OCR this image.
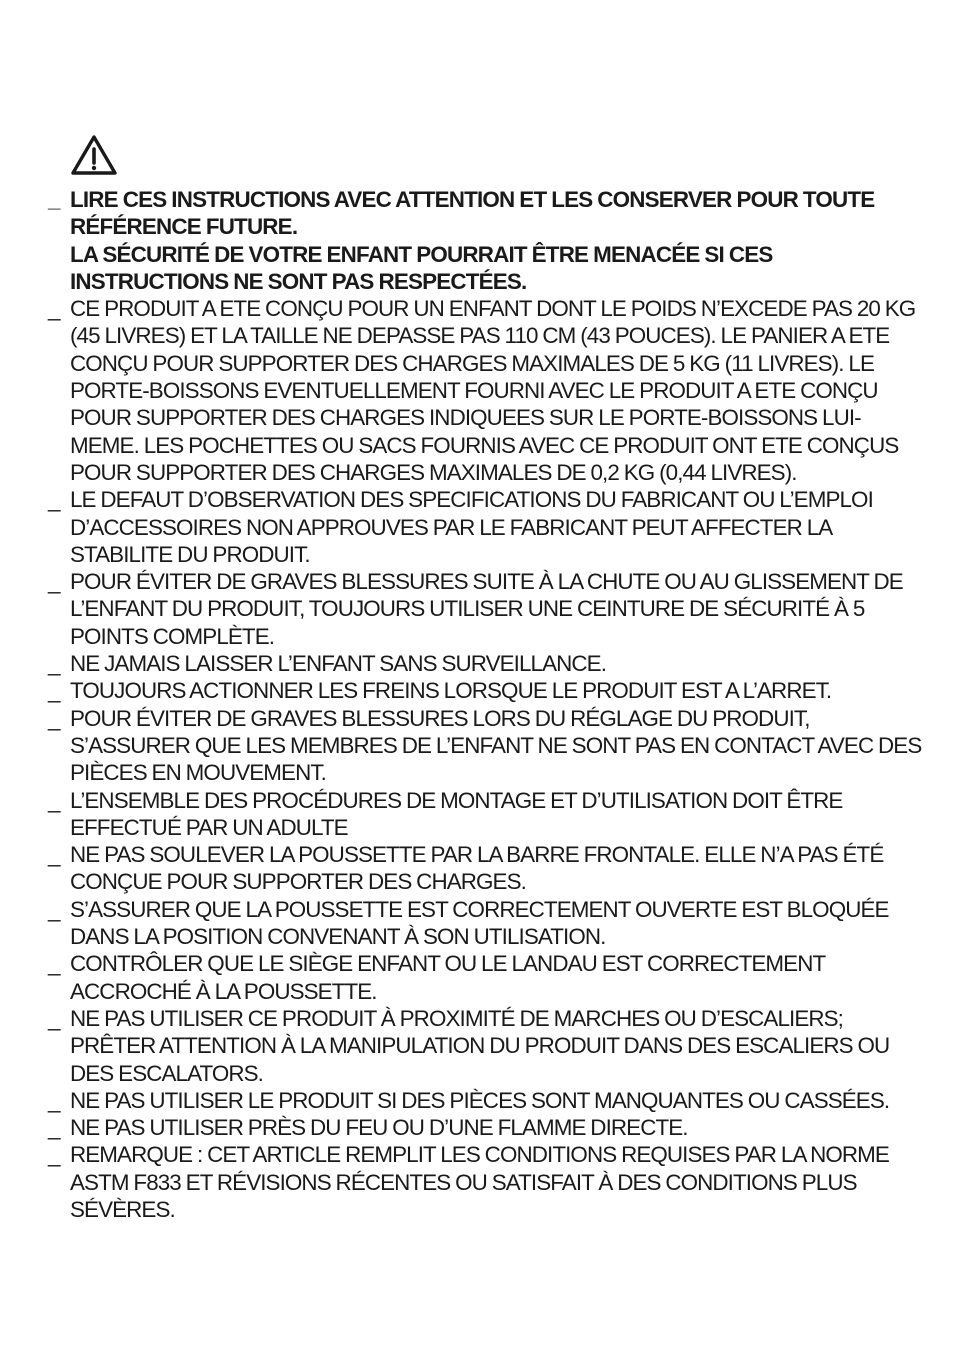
_ LIRE CES INSTRUCTIONS AVEC ATTENTION ET LES CONSERVER POUR TOUTE RÉFÉRENCE FUTURE.
LA SÉCURITÉ DE VOTRE ENFANT POURRAIT ÊTRE MENACÉE SI CES INSTRUCTIONS NE SONT PAS RESPECTÉES.
_ CE PRODUIT A ETE CONÇU POUR UN ENFANT DONT LE POIDS N’EXCEDE PAS 20 KG (45 LIVRES) ET LA TAILLE NE DEPASSE PAS 110 CM (43 POUCES). LE PANIER A ETE CONÇU POUR SUPPORTER DES CHARGES MAXIMALES DE 5 KG (11 LIVRES). LE PORTE-BOISSONS EVENTUELLEMENT FOURNI AVEC LE PRODUIT A ETE CONÇU POUR SUPPORTER DES CHARGES INDIQUEES SUR LE PORTE-BOISSONS LUI-MEME. LES POCHETTES OU SACS FOURNIS AVEC CE PRODUIT ONT ETE CONÇUS POUR SUPPORTER DES CHARGES MAXIMALES DE 0,2 KG (0,44 LIVRES).
_ LE DEFAUT D’OBSERVATION DES SPECIFICATIONS DU FABRICANT OU L’EMPLOI D’ACCESSOIRES NON APPROUVES PAR LE FABRICANT PEUT AFFECTER LA STABILITE DU PRODUIT.
_ POUR ÉVITER DE GRAVES BLESSURES SUITE À LA CHUTE OU AU GLISSEMENT DE L’ENFANT DU PRODUIT, TOUJOURS UTILISER UNE CEINTURE DE SÉCURITÉ À 5 POINTS COMPLÈTE.
_ NE JAMAIS LAISSER L’ENFANT SANS SURVEILLANCE.
_ TOUJOURS ACTIONNER LES FREINS LORSQUE LE PRODUIT EST A L’ARRET.
_ POUR ÉVITER DE GRAVES BLESSURES LORS DU RÉGLAGE DU PRODUIT, S’ASSURER QUE LES MEMBRES DE L’ENFANT NE SONT PAS EN CONTACT AVEC DES PIÈCES EN MOUVEMENT.
_ L’ENSEMBLE DES PROCÉDURES DE MONTAGE ET D’UTILISATION DOIT ÊTRE EFFECTUÉ PAR UN ADULTE
_ NE PAS SOULEVER LA POUSSETTE PAR LA BARRE FRONTALE. ELLE N’A PAS ÉTÉ CONÇUE POUR SUPPORTER DES CHARGES.
_ S’ASSURER QUE LA POUSSETTE EST CORRECTEMENT OUVERTE EST BLOQUÉE DANS LA POSITION CONVENANT À SON UTILISATION.
_ CONTRÔLER QUE LE SIÈGE ENFANT OU LE LANDAU EST CORRECTEMENT ACCROCHÉ À LA POUSSETTE.
_ NE PAS UTILISER CE PRODUIT À PROXIMITÉ DE MARCHES OU D’ESCALIERS; PRÊTER ATTENTION À LA MANIPULATION DU PRODUIT DANS DES ESCALIERS OU DES ESCALATORS.
_ NE PAS UTILISER LE PRODUIT SI DES PIÈCES SONT MANQUANTES OU CASSÉES.
_ NE PAS UTILISER PRÈS DU FEU OU D’UNE FLAMME DIRECTE.
_ REMARQUE : CET ARTICLE REMPLIT LES CONDITIONS REQUISES PAR LA NORME ASTM F833 ET RÉVISIONS RÉCENTES OU SATISFAIT À DES CONDITIONS PLUS SÉVÈRES.
